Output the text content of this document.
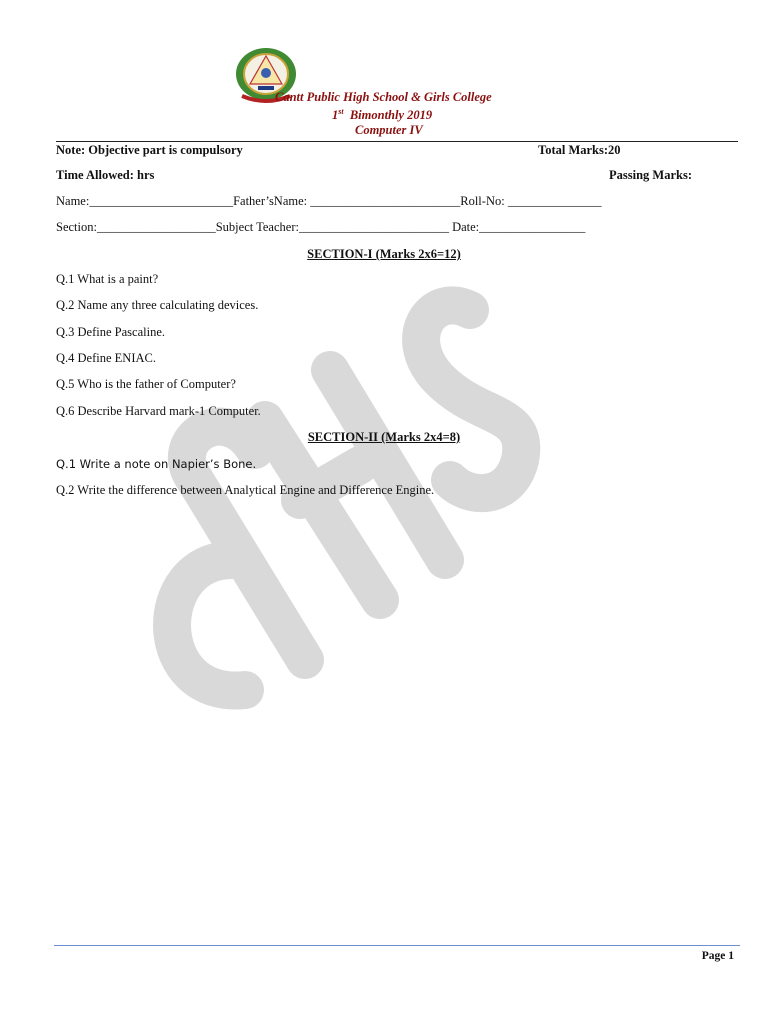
Cantt Public High School & Girls College
1st Bimonthly 2019
Computer IV
Note: Objective part is compulsory	Total Marks:20
Time Allowed: hrs	Passing Marks:
Name:_______________________Father’sName: ________________________Roll-No: _______________
Section:___________________Subject Teacher:________________________ Date:_________________
SECTION-I (Marks 2x6=12)
Q.1 What is a paint?
Q.2 Name any three calculating devices.
Q.3 Define Pascaline.
Q.4 Define ENIAC.
Q.5 Who is the father of Computer?
Q.6 Describe Harvard mark-1 Computer.
SECTION-II (Marks 2x4=8)
Q.1 Write a note on Napier’s Bone.
Q.2 Write the difference between Analytical Engine and Difference Engine.
Page 1
